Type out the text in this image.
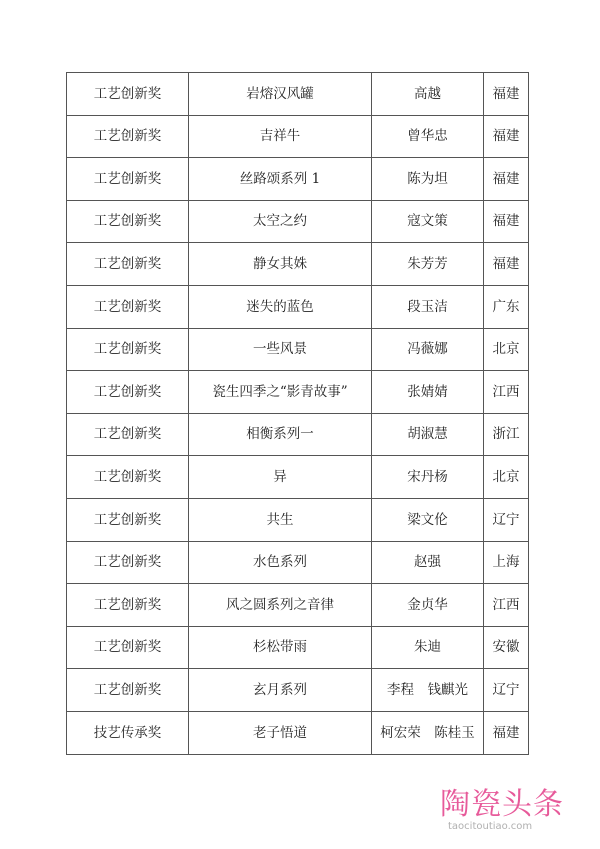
工艺创新奖	岩熔汉风罐	高越	福建
工艺创新奖	吉祥牛	曾华忠	福建
工艺创新奖	丝路颂系列 1	陈为坦	福建
工艺创新奖	太空之约	寇文策	福建
工艺创新奖	静女其姝	朱芳芳	福建
工艺创新奖	迷失的蓝色	段玉洁	广东
工艺创新奖	一些风景	冯薇娜	北京
工艺创新奖	瓷生四季之“影青故事”	张婧婧	江西
工艺创新奖	相衡系列一	胡淑慧	浙江
工艺创新奖	异	宋丹杨	北京
工艺创新奖	共生	梁文伦	辽宁
工艺创新奖	水色系列	赵强	上海
工艺创新奖	风之圆系列之音律	金贞华	江西
工艺创新奖	杉松带雨	朱迪	安徽
工艺创新奖	玄月系列	李程　钱麒光	辽宁
技艺传承奖	老子悟道	柯宏荣　陈桂玉	福建
陶瓷头条
taocitoutiao.com
